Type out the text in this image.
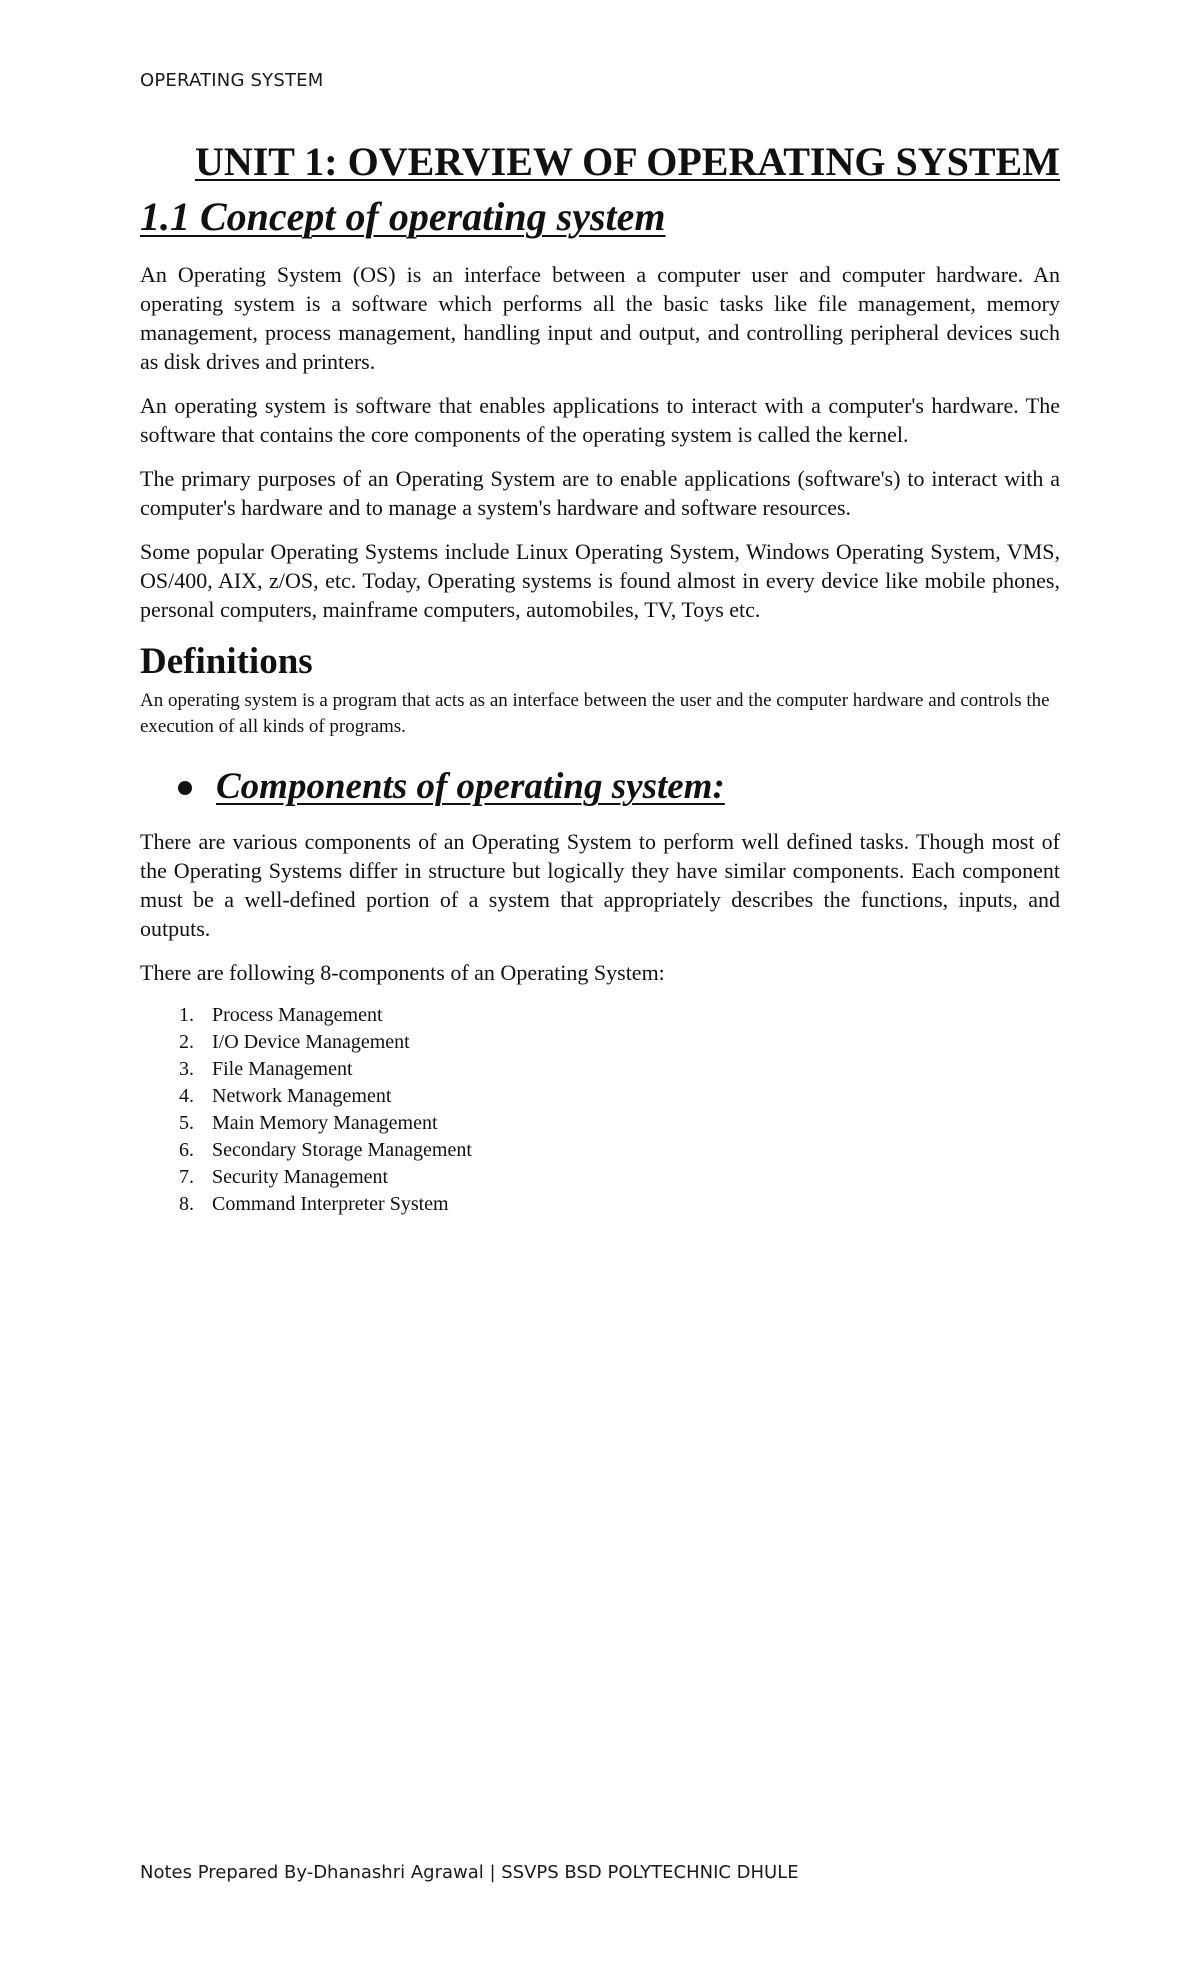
OPERATING SYSTEM
UNIT 1: OVERVIEW OF OPERATING SYSTEM
1.1 Concept of operating system

An Operating System (OS) is an interface between a computer user and computer hardware. An operating system is a software which performs all the basic tasks like file management, memory management, process management, handling input and output, and controlling peripheral devices such as disk drives and printers.

An operating system is software that enables applications to interact with a computer's hardware. The software that contains the core components of the operating system is called the kernel.

The primary purposes of an Operating System are to enable applications (software's) to interact with a computer's hardware and to manage a system's hardware and software resources.

Some popular Operating Systems include Linux Operating System, Windows Operating System, VMS, OS/400, AIX, z/OS, etc. Today, Operating systems is found almost in every device like mobile phones, personal computers, mainframe computers, automobiles, TV, Toys etc.

Definitions

An operating system is a program that acts as an interface between the user and the computer hardware and controls the execution of all kinds of programs.

Components of operating system:

There are various components of an Operating System to perform well defined tasks. Though most of the Operating Systems differ in structure but logically they have similar components. Each component must be a well-defined portion of a system that appropriately describes the functions, inputs, and outputs.

There are following 8-components of an Operating System:

1. Process Management
2. I/O Device Management
3. File Management
4. Network Management
5. Main Memory Management
6. Secondary Storage Management
7. Security Management
8. Command Interpreter System
Notes Prepared By-Dhanashri Agrawal | SSVPS BSD POLYTECHNIC DHULE
